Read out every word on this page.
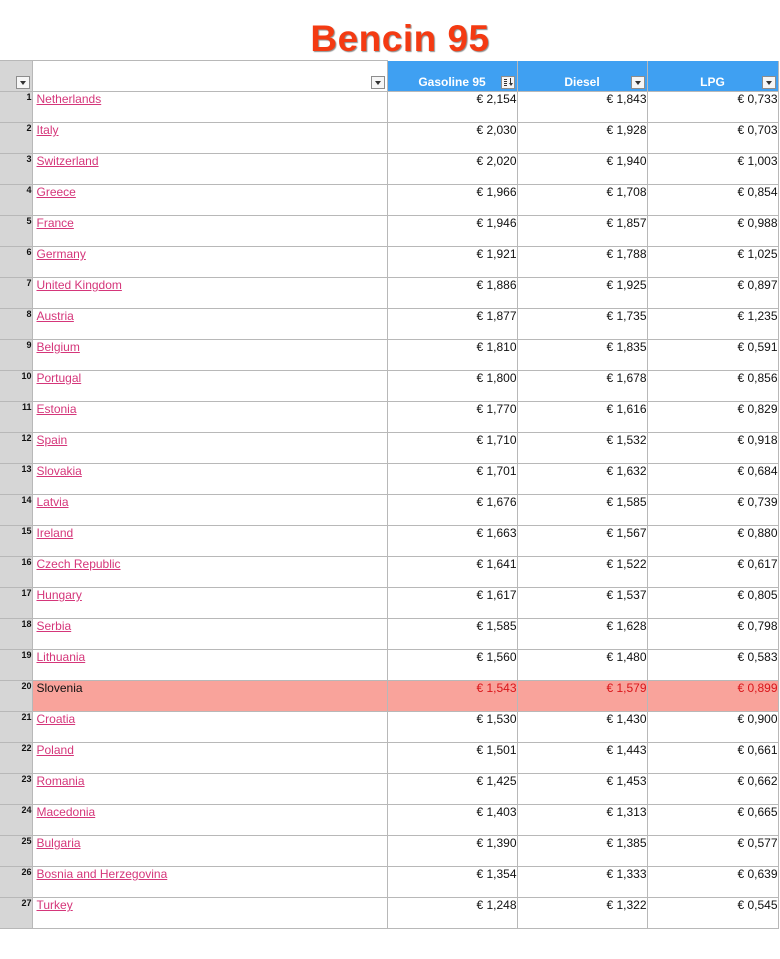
Bencin 95

		Gasoline 95	Diesel	LPG

1	Netherlands	€ 2,154	€ 1,843	€ 0,733
2	Italy	€ 2,030	€ 1,928	€ 0,703
3	Switzerland	€ 2,020	€ 1,940	€ 1,003
4	Greece	€ 1,966	€ 1,708	€ 0,854
5	France	€ 1,946	€ 1,857	€ 0,988
6	Germany	€ 1,921	€ 1,788	€ 1,025
7	United Kingdom	€ 1,886	€ 1,925	€ 0,897
8	Austria	€ 1,877	€ 1,735	€ 1,235
9	Belgium	€ 1,810	€ 1,835	€ 0,591
10	Portugal	€ 1,800	€ 1,678	€ 0,856
11	Estonia	€ 1,770	€ 1,616	€ 0,829
12	Spain	€ 1,710	€ 1,532	€ 0,918
13	Slovakia	€ 1,701	€ 1,632	€ 0,684
14	Latvia	€ 1,676	€ 1,585	€ 0,739
15	Ireland	€ 1,663	€ 1,567	€ 0,880
16	Czech Republic	€ 1,641	€ 1,522	€ 0,617
17	Hungary	€ 1,617	€ 1,537	€ 0,805
18	Serbia	€ 1,585	€ 1,628	€ 0,798
19	Lithuania	€ 1,560	€ 1,480	€ 0,583
20	Slovenia	€ 1,543	€ 1,579	€ 0,899
21	Croatia	€ 1,530	€ 1,430	€ 0,900
22	Poland	€ 1,501	€ 1,443	€ 0,661
23	Romania	€ 1,425	€ 1,453	€ 0,662
24	Macedonia	€ 1,403	€ 1,313	€ 0,665
25	Bulgaria	€ 1,390	€ 1,385	€ 0,577
26	Bosnia and Herzegovina	€ 1,354	€ 1,333	€ 0,639
27	Turkey	€ 1,248	€ 1,322	€ 0,545
